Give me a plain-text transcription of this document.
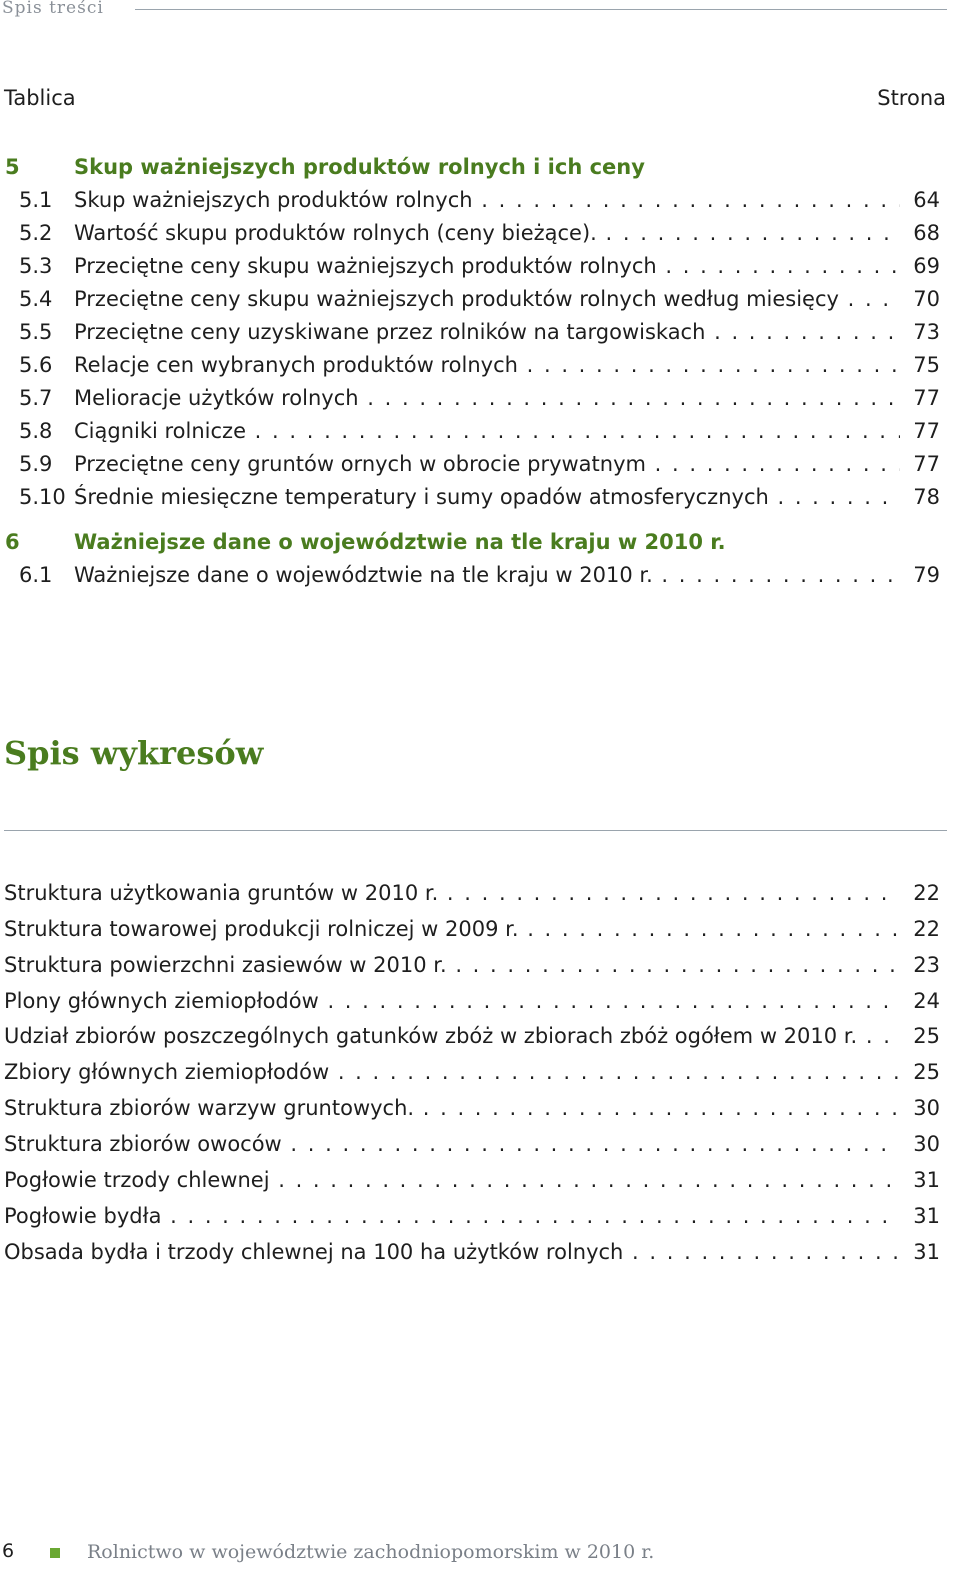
Spis treści
Tablica	Strona
5	Skup ważniejszych produktów rolnych i ich ceny
5.1 Skup ważniejszych produktów rolnych . . .	64
5.2 Wartość skupu produktów rolnych (ceny bieżące). . . .	68
5.3 Przeciętne ceny skupu ważniejszych produktów rolnych . . .	69
5.4 Przeciętne ceny skupu ważniejszych produktów rolnych według miesięcy . . .	70
5.5 Przeciętne ceny uzyskiwane przez rolników na targowiskach . . .	73
5.6 Relacje cen wybranych produktów rolnych . . .	75
5.7 Melioracje użytków rolnych . . .	77
5.8 Ciągniki rolnicze . . .	77
5.9 Przeciętne ceny gruntów ornych w obrocie prywatnym . . .	77
5.10 Średnie miesięczne temperatury i sumy opadów atmosferycznych . . .	78
6	Ważniejsze dane o województwie na tle kraju w 2010 r.
6.1 Ważniejsze dane o województwie na tle kraju w 2010 r. . . .	79
Spis wykresów
Struktura użytkowania gruntów w 2010 r. . . .	22
Struktura towarowej produkcji rolniczej w 2009 r. . . .	22
Struktura powierzchni zasiewów w 2010 r. . . .	23
Plony głównych ziemiopłodów . . .	24
Udział zbiorów poszczególnych gatunków zbóż w zbiorach zbóż ogółem w 2010 r. . . .	25
Zbiory głównych ziemiopłodów . . .	25
Struktura zbiorów warzyw gruntowych. . . .	30
Struktura zbiorów owoców . . .	30
Pogłowie trzody chlewnej . . .	31
Pogłowie bydła . . .	31
Obsada bydła i trzody chlewnej na 100 ha użytków rolnych . . .	31
6	Rolnictwo w województwie zachodniopomorskim w 2010 r.
